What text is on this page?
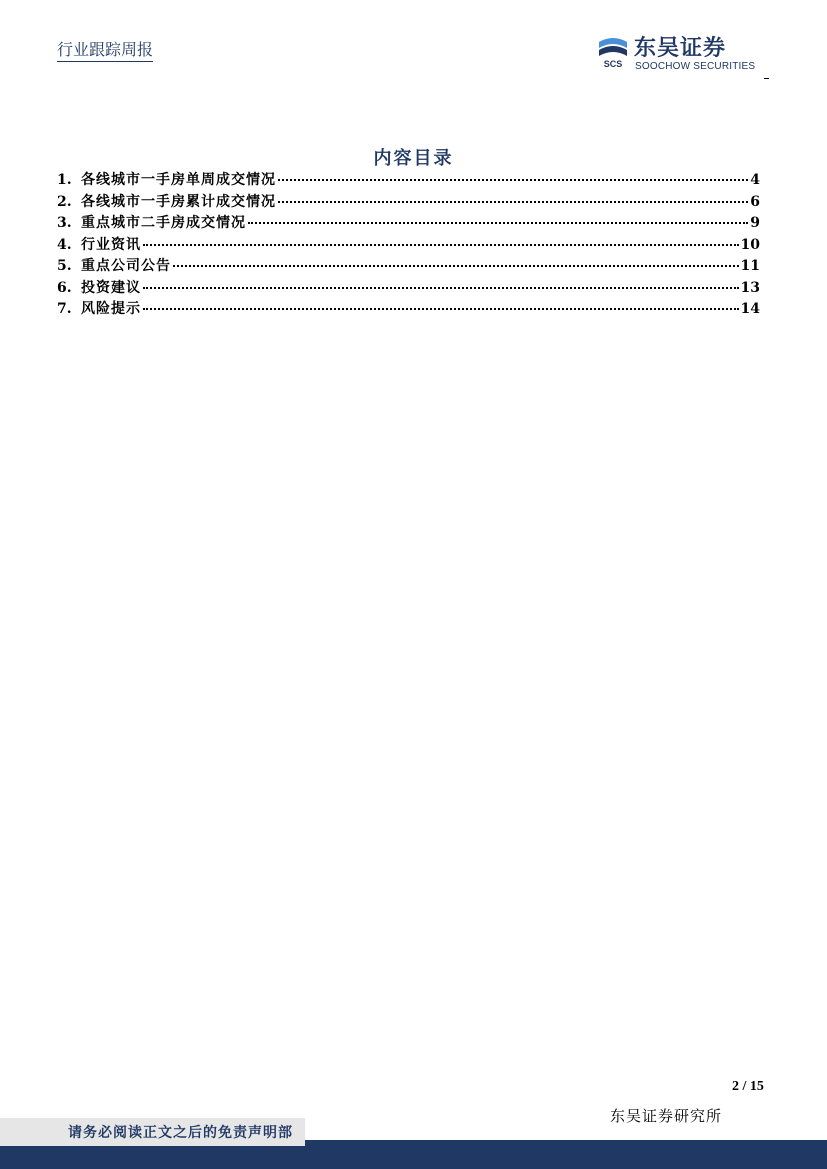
行业跟踪周报
SCS
东吴证券
SOOCHOW SECURITIES
内容目录
1. 各线城市一手房单周成交情况	4
2. 各线城市一手房累计成交情况	6
3. 重点城市二手房成交情况	9
4. 行业资讯	10
5. 重点公司公告	11
6. 投资建议	13
7. 风险提示	14
2 / 15
东吴证券研究所
请务必阅读正文之后的免责声明部
